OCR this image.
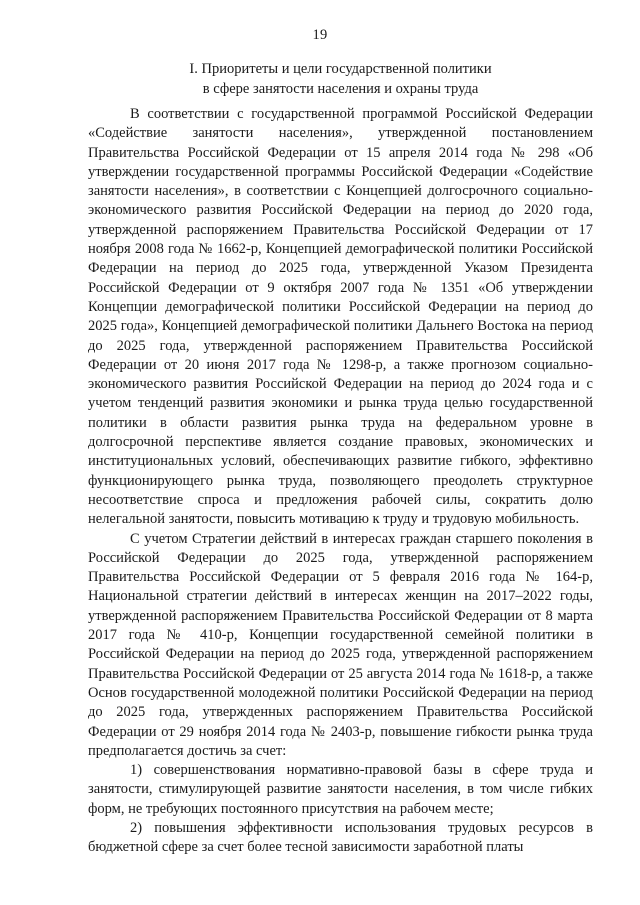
19
I. Приоритеты и цели государственной политики
в сфере занятости населения и охраны труда

В соответствии с государственной программой Российской Федерации «Содействие занятости населения», утвержденной постановлением Правительства Российской Федерации от 15 апреля 2014 года № 298 «Об утверждении государственной программы Российской Федерации «Содействие занятости населения», в соответствии с Концепцией долгосрочного социально-экономического развития Российской Федерации на период до 2020 года, утвержденной распоряжением Правительства Российской Федерации от 17 ноября 2008 года № 1662-р, Концепцией демографической политики Российской Федерации на период до 2025 года, утвержденной Указом Президента Российской Федерации от 9 октября 2007 года № 1351 «Об утверждении Концепции демографической политики Российской Федерации на период до 2025 года», Концепцией демографической политики Дальнего Востока на период до 2025 года, утвержденной распоряжением Правительства Российской Федерации от 20 июня 2017 года № 1298-р, а также прогнозом социально-экономического развития Российской Федерации на период до 2024 года и с учетом тенденций развития экономики и рынка труда целью государственной политики в области развития рынка труда на федеральном уровне в долгосрочной перспективе является создание правовых, экономических и институциональных условий, обеспечивающих развитие гибкого, эффективно функционирующего рынка труда, позволяющего преодолеть структурное несоответствие спроса и предложения рабочей силы, сократить долю нелегальной занятости, повысить мотивацию к труду и трудовую мобильность.

С учетом Стратегии действий в интересах граждан старшего поколения в Российской Федерации до 2025 года, утвержденной распоряжением Правительства Российской Федерации от 5 февраля 2016 года № 164-р, Национальной стратегии действий в интересах женщин на 2017–2022 годы, утвержденной распоряжением Правительства Российской Федерации от 8 марта 2017 года № 410-р, Концепции государственной семейной политики в Российской Федерации на период до 2025 года, утвержденной распоряжением Правительства Российской Федерации от 25 августа 2014 года № 1618-р, а также Основ государственной молодежной политики Российской Федерации на период до 2025 года, утвержденных распоряжением Правительства Российской Федерации от 29 ноября 2014 года № 2403-р, повышение гибкости рынка труда предполагается достичь за счет:

1) совершенствования нормативно-правовой базы в сфере труда и занятости, стимулирующей развитие занятости населения, в том числе гибких форм, не требующих постоянного присутствия на рабочем месте;

2) повышения эффективности использования трудовых ресурсов в бюджетной сфере за счет более тесной зависимости заработной платы
